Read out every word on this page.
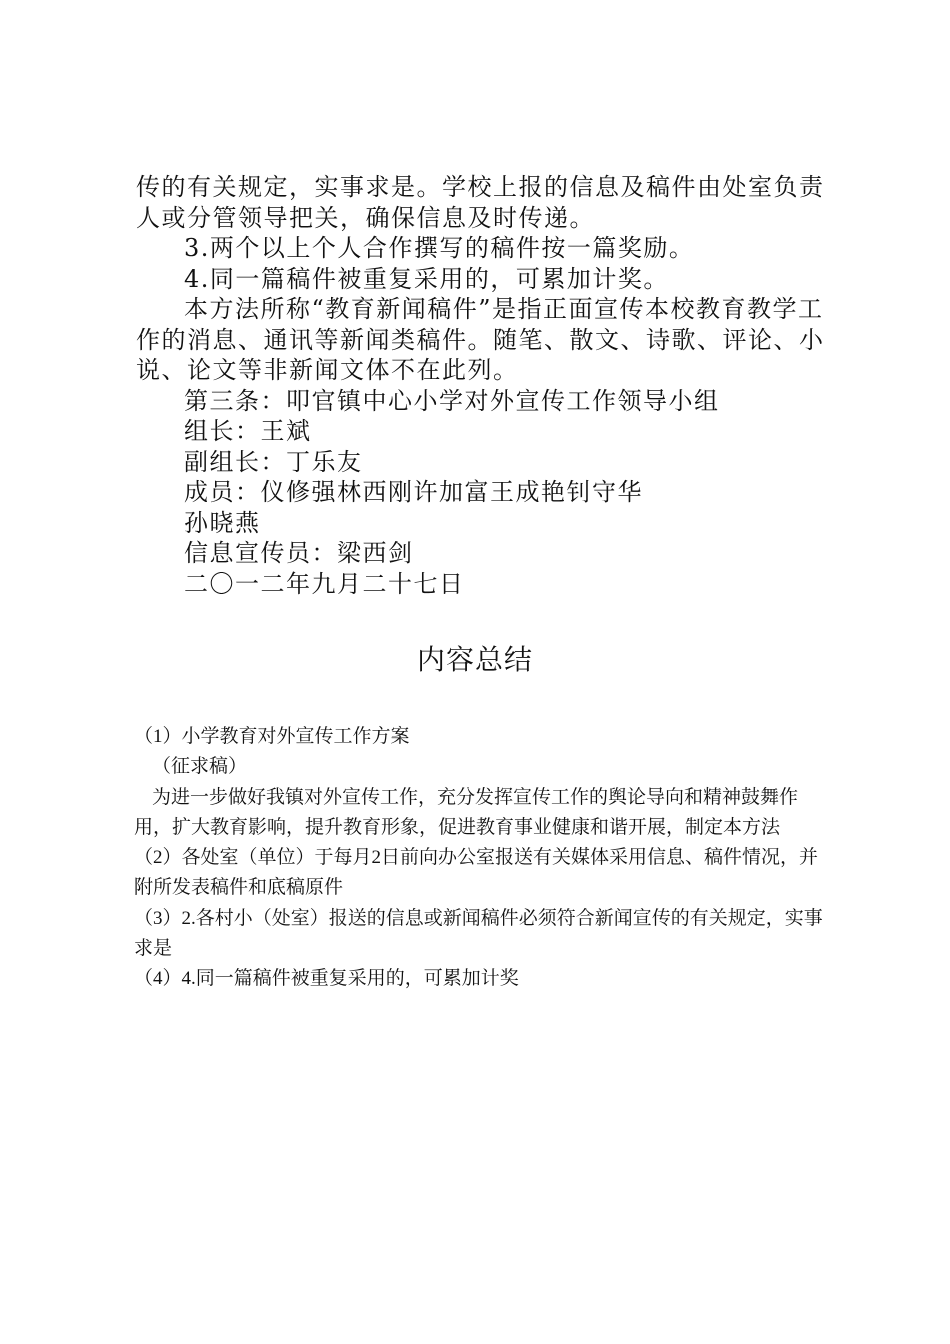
传的有关规定，实事求是。学校上报的信息及稿件由处室负责人或分管领导把关，确保信息及时传递。

3.两个以上个人合作撰写的稿件按一篇奖励。

4.同一篇稿件被重复采用的，可累加计奖。

本方法所称“教育新闻稿件”是指正面宣传本校教育教学工作的消息、通讯等新闻类稿件。随笔、散文、诗歌、评论、小说、论文等非新闻文体不在此列。

第三条：叩官镇中心小学对外宣传工作领导小组

组长：王斌

副组长：丁乐友

成员：仪修强林西刚许加富王成艳钊守华

孙晓燕

信息宣传员：梁西剑

二〇一二年九月二十七日

内容总结

（1）小学教育对外宣传工作方案

（征求稿）

为进一步做好我镇对外宣传工作，充分发挥宣传工作的舆论导向和精神鼓舞作用，扩大教育影响，提升教育形象，促进教育事业健康和谐开展，制定本方法

（2）各处室（单位）于每月2日前向办公室报送有关媒体采用信息、稿件情况，并附所发表稿件和底稿原件

（3）2.各村小（处室）报送的信息或新闻稿件必须符合新闻宣传的有关规定，实事求是

（4）4.同一篇稿件被重复采用的，可累加计奖
